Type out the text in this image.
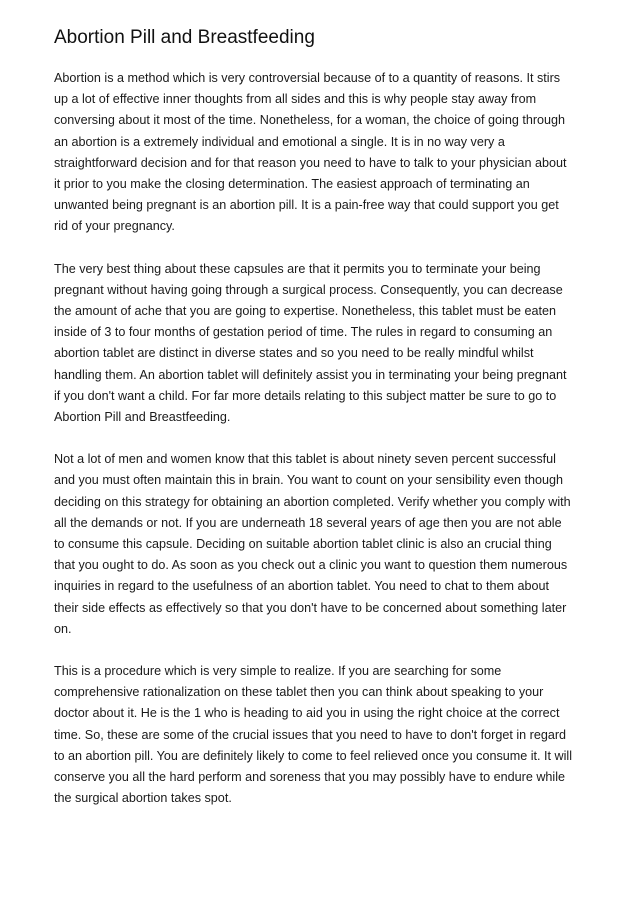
Abortion Pill and Breastfeeding

Abortion is a method which is very controversial because of to a quantity of reasons. It stirs
up a lot of effective inner thoughts from all sides and this is why people stay away from
conversing about it most of the time. Nonetheless, for a woman, the choice of going through
an abortion is a extremely individual and emotional a single. It is in no way very a
straightforward decision and for that reason you need to have to talk to your physician about
it prior to you make the closing determination. The easiest approach of terminating an
unwanted being pregnant is an abortion pill. It is a pain-free way that could support you get
rid of your pregnancy.

The very best thing about these capsules are that it permits you to terminate your being
pregnant without having going through a surgical process. Consequently, you can decrease
the amount of ache that you are going to expertise. Nonetheless, this tablet must be eaten
inside of 3 to four months of gestation period of time. The rules in regard to consuming an
abortion tablet are distinct in diverse states and so you need to be really mindful whilst
handling them. An abortion tablet will definitely assist you in terminating your being pregnant
if you don't want a child. For far more details relating to this subject matter be sure to go to
Abortion Pill and Breastfeeding.

Not a lot of men and women know that this tablet is about ninety seven percent successful
and you must often maintain this in brain. You want to count on your sensibility even though
deciding on this strategy for obtaining an abortion completed. Verify whether you comply with
all the demands or not. If you are underneath 18 several years of age then you are not able
to consume this capsule. Deciding on suitable abortion tablet clinic is also an crucial thing
that you ought to do. As soon as you check out a clinic you want to question them numerous
inquiries in regard to the usefulness of an abortion tablet. You need to chat to them about
their side effects as effectively so that you don't have to be concerned about something later
on.

This is a procedure which is very simple to realize. If you are searching for some
comprehensive rationalization on these tablet then you can think about speaking to your
doctor about it. He is the 1 who is heading to aid you in using the right choice at the correct
time. So, these are some of the crucial issues that you need to have to don't forget in regard
to an abortion pill. You are definitely likely to come to feel relieved once you consume it. It will
conserve you all the hard perform and soreness that you may possibly have to endure while
the surgical abortion takes spot.
